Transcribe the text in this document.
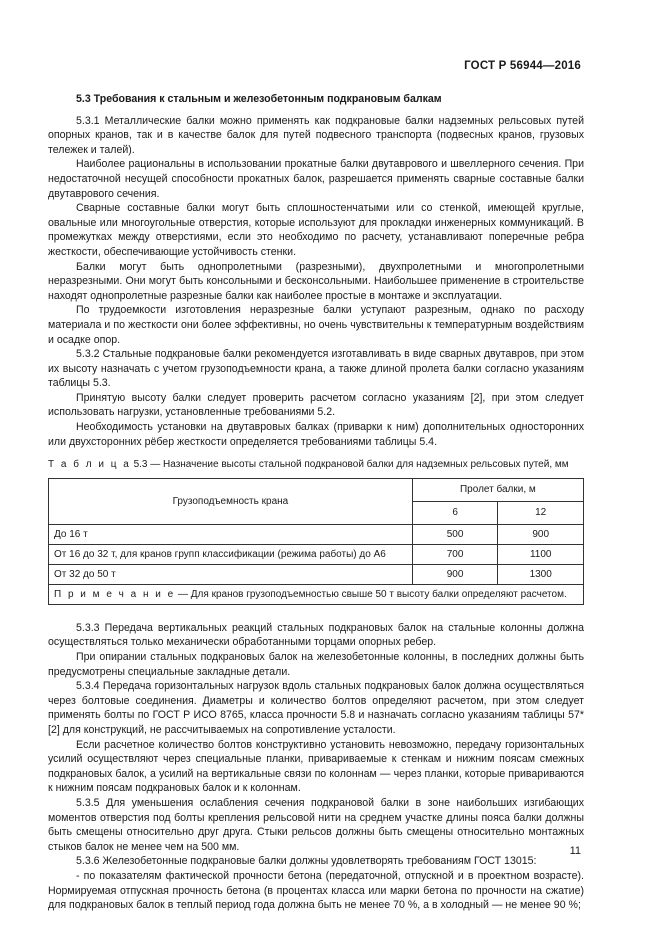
ГОСТ Р 56944—2016

5.3 Требования к стальным и железобетонным подкрановым балкам

5.3.1 Металлические балки можно применять как подкрановые балки надземных рельсовых путей опорных кранов, так и в качестве балок для путей подвесного транспорта (подвесных кранов, грузовых тележек и талей).

Наиболее рациональны в использовании прокатные балки двутаврового и швеллерного сечения. При недостаточной несущей способности прокатных балок, разрешается применять сварные составные балки двутаврового сечения.

Сварные составные балки могут быть сплошностенчатыми или со стенкой, имеющей круглые, овальные или многоугольные отверстия, которые используют для прокладки инженерных коммуникаций. В промежутках между отверстиями, если это необходимо по расчету, устанавливают поперечные ребра жесткости, обеспечивающие устойчивость стенки.

Балки могут быть однопролетными (разрезными), двухпролетными и многопролетными неразрезными. Они могут быть консольными и бесконсольными. Наибольшее применение в строительстве находят однопролетные разрезные балки как наиболее простые в монтаже и эксплуатации.

По трудоемкости изготовления неразрезные балки уступают разрезным, однако по расходу материала и по жесткости они более эффективны, но очень чувствительны к температурным воздействиям и осадке опор.

5.3.2 Стальные подкрановые балки рекомендуется изготавливать в виде сварных двутавров, при этом их высоту назначать с учетом грузоподъемности крана, а также длиной пролета балки согласно указаниям таблицы 5.3.

Принятую высоту балки следует проверить расчетом согласно указаниям [2], при этом следует использовать нагрузки, установленные требованиями 5.2.

Необходимость установки на двутавровых балках (приварки к ним) дополнительных односторонних или двухсторонних рёбер жесткости определяется требованиями таблицы 5.4.

Т а б л и ц а 5.3 — Назначение высоты стальной подкрановой балки для надземных рельсовых путей, мм

Грузоподъемность крана	Пролет балки, м	
	6	12
До 16 т	500	900
От 16 до 32 т, для кранов групп классификации (режима работы) до А6	700	1100
От 32 до 50 т	900	1300
П р и м е ч а н и е — Для кранов грузоподъемностью свыше 50 т высоту балки определяют расчетом.		

5.3.3 Передача вертикальных реакций стальных подкрановых балок на стальные колонны должна осуществляться только механически обработанными торцами опорных ребер.

При опирании стальных подкрановых балок на железобетонные колонны, в последних должны быть предусмотрены специальные закладные детали.

5.3.4 Передача горизонтальных нагрузок вдоль стальных подкрановых балок должна осуществляться через болтовые соединения. Диаметры и количество болтов определяют расчетом, при этом следует применять болты по ГОСТ Р ИСО 8765, класса прочности 5.8 и назначать согласно указаниям таблицы 57* [2] для конструкций, не рассчитываемых на сопротивление усталости.

Если расчетное количество болтов конструктивно установить невозможно, передачу горизонтальных усилий осуществляют через специальные планки, привариваемые к стенкам и нижним поясам смежных подкрановых балок, а усилий на вертикальные связи по колоннам — через планки, которые привариваются к нижним поясам подкрановых балок и к колоннам.

5.3.5 Для уменьшения ослабления сечения подкрановой балки в зоне наибольших изгибающих моментов отверстия под болты крепления рельсовой нити на среднем участке длины пояса балки должны быть смещены относительно друг друга. Стыки рельсов должны быть смещены относительно монтажных стыков балок не менее чем на 500 мм.

5.3.6 Железобетонные подкрановые балки должны удовлетворять требованиям ГОСТ 13015:

- по показателям фактической прочности бетона (передаточной, отпускной и в проектном возрасте). Нормируемая отпускная прочность бетона (в процентах класса или марки бетона по прочности на сжатие) для подкрановых балок в теплый период года должна быть не менее 70 %, а в холодный — не менее 90 %;

11
